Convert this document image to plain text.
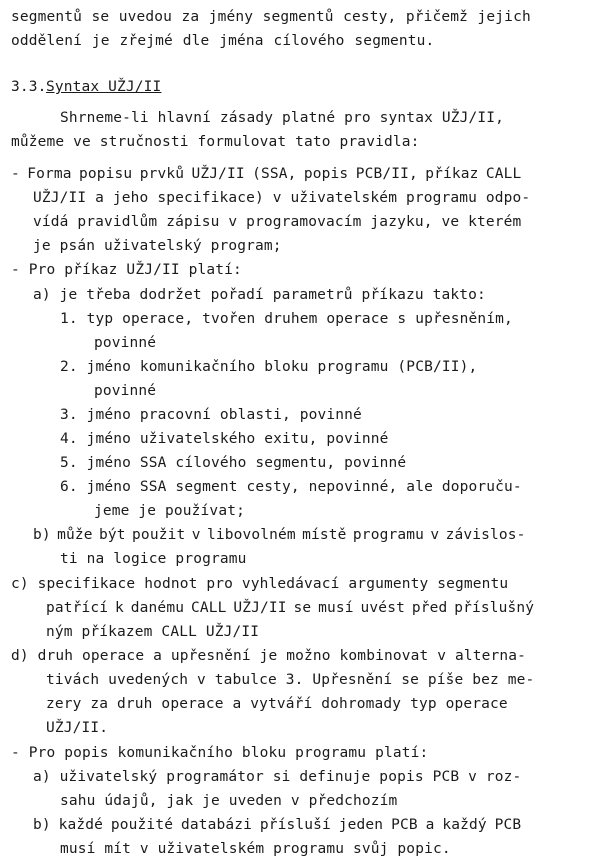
segmentů se uvedou za jmény segmentů cesty, přičemž jejich
oddělení je zřejmé dle jména cílového segmentu.
3.3. Syntax UŽJ/II
Shrneme-li hlavní zásady platné pro syntax UŽJ/II,
můžeme ve stručnosti formulovat tato pravidla:
- Forma popisu prvků UŽJ/II (SSA, popis PCB/II, příkaz CALL
UŽJ/II a jeho specifikace) v uživatelském programu odpo-
vídá pravidlům zápisu v programovacím jazyku, ve kterém
je psán uživatelský program;
- Pro příkaz UŽJ/II platí:
a) je třeba dodržet pořadí parametrů příkazu takto:
1. typ operace, tvořen druhem operace s upřesněním,
povinné
2. jméno komunikačního bloku programu (PCB/II),
povinné
3. jméno pracovní oblasti, povinné
4. jméno uživatelského exitu, povinné
5. jméno SSA cílového segmentu, povinné
6. jméno SSA segment cesty, nepovinné, ale doporuču-
jeme je používat;
b) může být použit v libovolném místě programu v závislos-
ti na logice programu
c) specifikace hodnot pro vyhledávací argumenty segmentu
patřící k danému CALL UŽJ/II se musí uvést před příslušný
ným příkazem CALL UŽJ/II
d) druh operace a upřesnění je možno kombinovat v alterna-
tivách uvedených v tabulce 3. Upřesnění se píše bez me-
zery za druh operace a vytváří dohromady typ operace
UŽJ/II.
- Pro popis komunikačního bloku programu platí:
a) uživatelský programátor si definuje popis PCB v roz-
sahu údajů, jak je uveden v předchozím
b) každé použité databázi přísluší jeden PCB a každý PCB
musí mít v uživatelském programu svůj popic.
